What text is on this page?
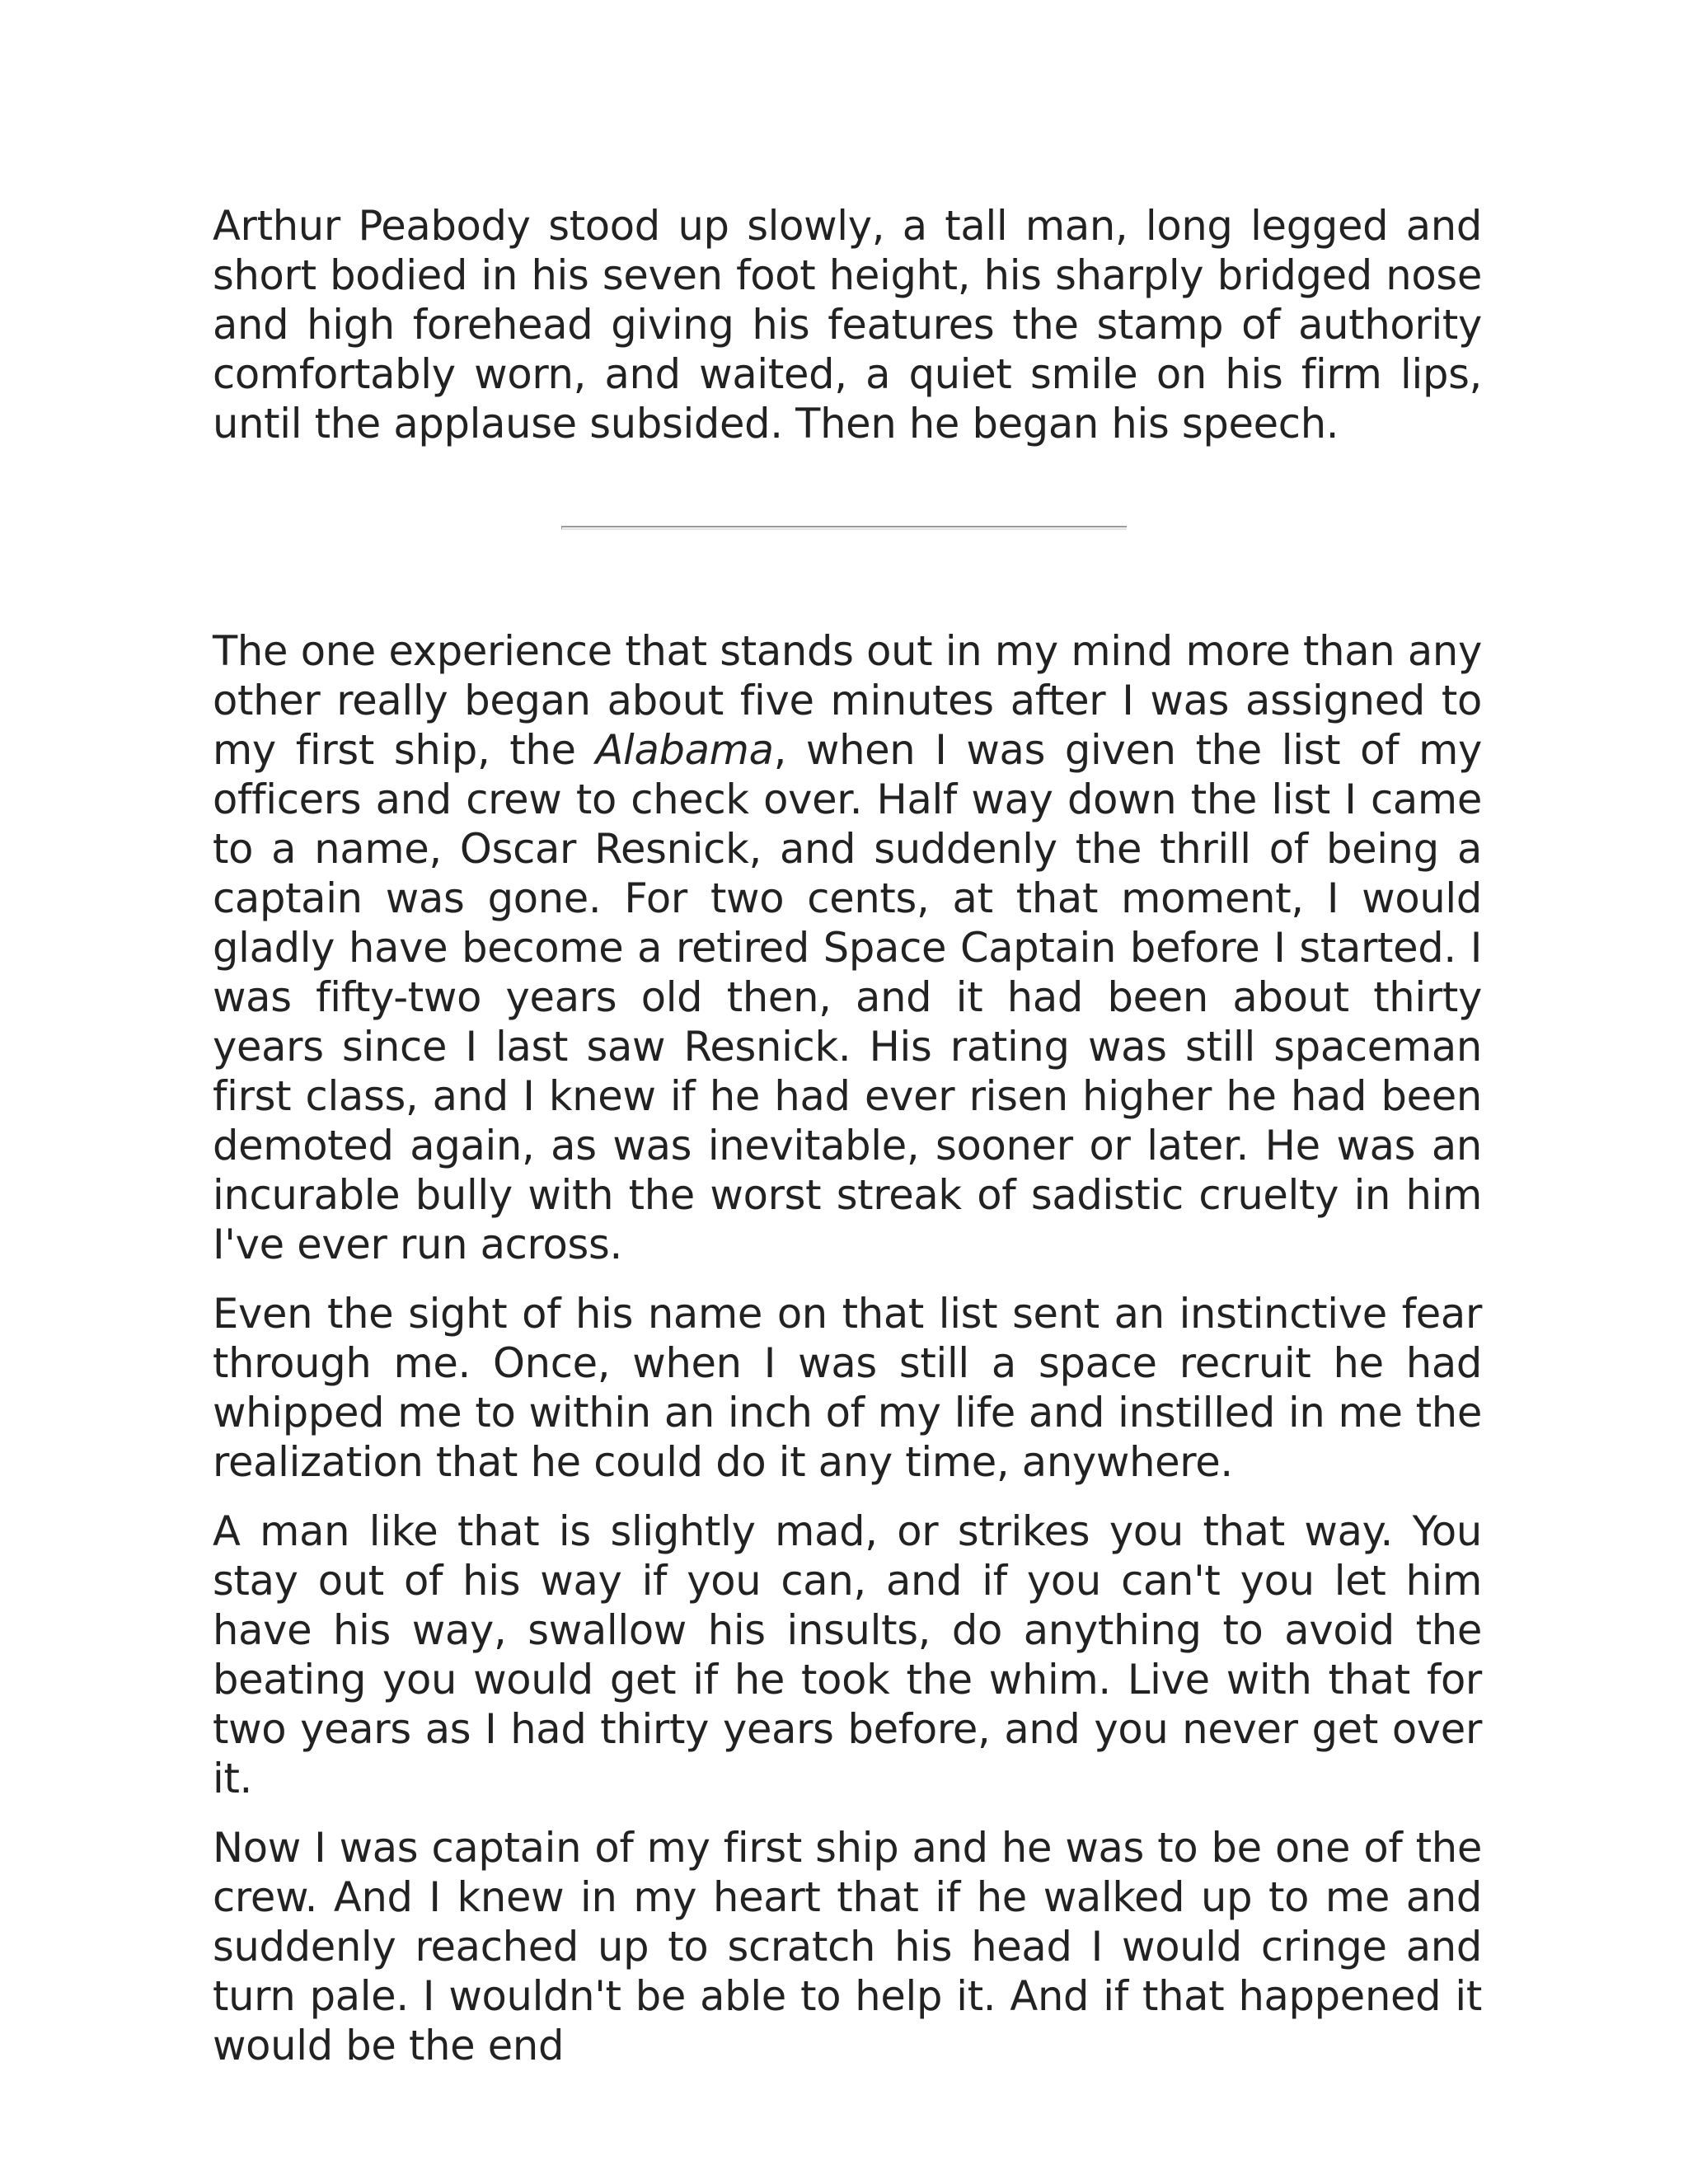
Arthur Peabody stood up slowly, a tall man, long legged and short bodied in his seven foot height, his sharply bridged nose and high forehead giving his features the stamp of authority comfortably worn, and waited, a quiet smile on his firm lips, until the applause subsided. Then he began his speech.

The one experience that stands out in my mind more than any other really began about five minutes after I was assigned to my first ship, the Alabama, when I was given the list of my officers and crew to check over. Half way down the list I came to a name, Oscar Resnick, and suddenly the thrill of being a captain was gone. For two cents, at that moment, I would gladly have become a retired Space Captain before I started. I was fifty-two years old then, and it had been about thirty years since I last saw Resnick. His rating was still spaceman first class, and I knew if he had ever risen higher he had been demoted again, as was inevitable, sooner or later. He was an incurable bully with the worst streak of sadistic cruelty in him I've ever run across.

Even the sight of his name on that list sent an instinctive fear through me. Once, when I was still a space recruit he had whipped me to within an inch of my life and instilled in me the realization that he could do it any time, anywhere.

A man like that is slightly mad, or strikes you that way. You stay out of his way if you can, and if you can't you let him have his way, swallow his insults, do anything to avoid the beating you would get if he took the whim. Live with that for two years as I had thirty years before, and you never get over it.

Now I was captain of my first ship and he was to be one of the crew. And I knew in my heart that if he walked up to me and suddenly reached up to scratch his head I would cringe and turn pale. I wouldn't be able to help it. And if that happened it would be the end
